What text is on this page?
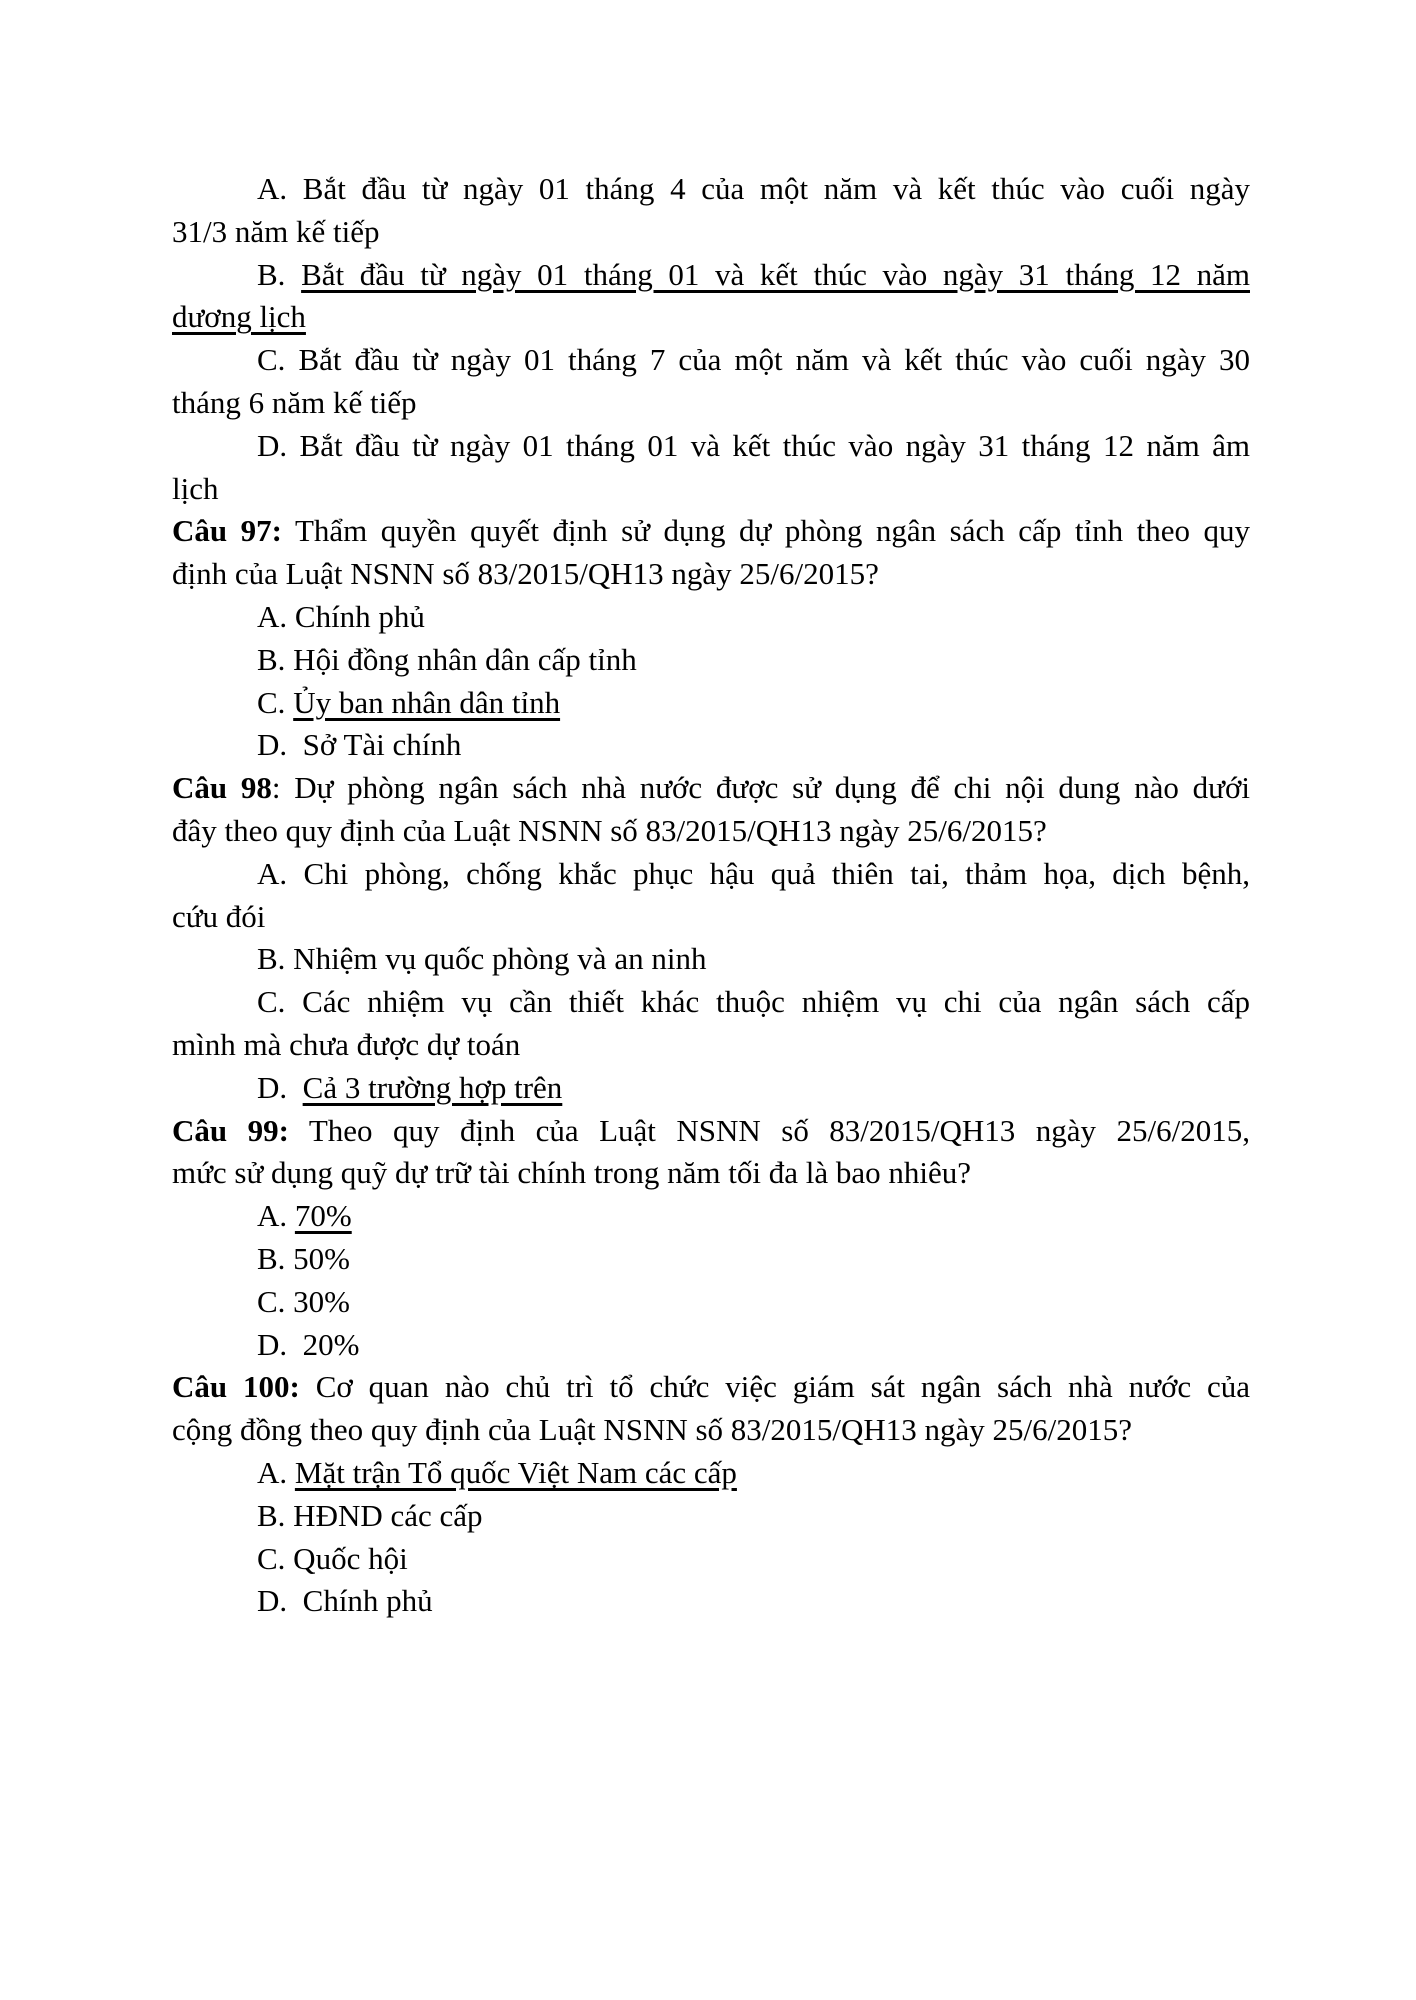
A. Bắt đầu từ ngày 01 tháng 4 của một năm và kết thúc vào cuối ngày
31/3 năm kế tiếp
B. Bắt đầu từ ngày 01 tháng 01 và kết thúc vào ngày 31 tháng 12 năm
dương lịch
C. Bắt đầu từ ngày 01 tháng 7 của một năm và kết thúc vào cuối ngày 30
tháng 6 năm kế tiếp
D. Bắt đầu từ ngày 01 tháng 01 và kết thúc vào ngày 31 tháng 12 năm âm
lịch
Câu 97: Thẩm quyền quyết định sử dụng dự phòng ngân sách cấp tỉnh theo quy
định của Luật NSNN số 83/2015/QH13 ngày 25/6/2015?
A. Chính phủ
B. Hội đồng nhân dân cấp tỉnh
C. Ủy ban nhân dân tỉnh
D.  Sở Tài chính
Câu 98: Dự phòng ngân sách nhà nước được sử dụng để chi nội dung nào dưới
đây theo quy định của Luật NSNN số 83/2015/QH13 ngày 25/6/2015?
A. Chi phòng, chống khắc phục hậu quả thiên tai, thảm họa, dịch bệnh,
cứu đói
B. Nhiệm vụ quốc phòng và an ninh
C. Các nhiệm vụ cần thiết khác thuộc nhiệm vụ chi của ngân sách cấp
mình mà chưa được dự toán
D.  Cả 3 trường hợp trên
Câu 99: Theo quy định của Luật NSNN số 83/2015/QH13 ngày 25/6/2015,
mức sử dụng quỹ dự trữ tài chính trong năm tối đa là bao nhiêu?
A. 70%
B. 50%
C. 30%
D.  20%
Câu 100: Cơ quan nào chủ trì tổ chức việc giám sát ngân sách nhà nước của
cộng đồng theo quy định của Luật NSNN số 83/2015/QH13 ngày 25/6/2015?
A. Mặt trận Tổ quốc Việt Nam các cấp
B. HĐND các cấp
C. Quốc hội
D.  Chính phủ
